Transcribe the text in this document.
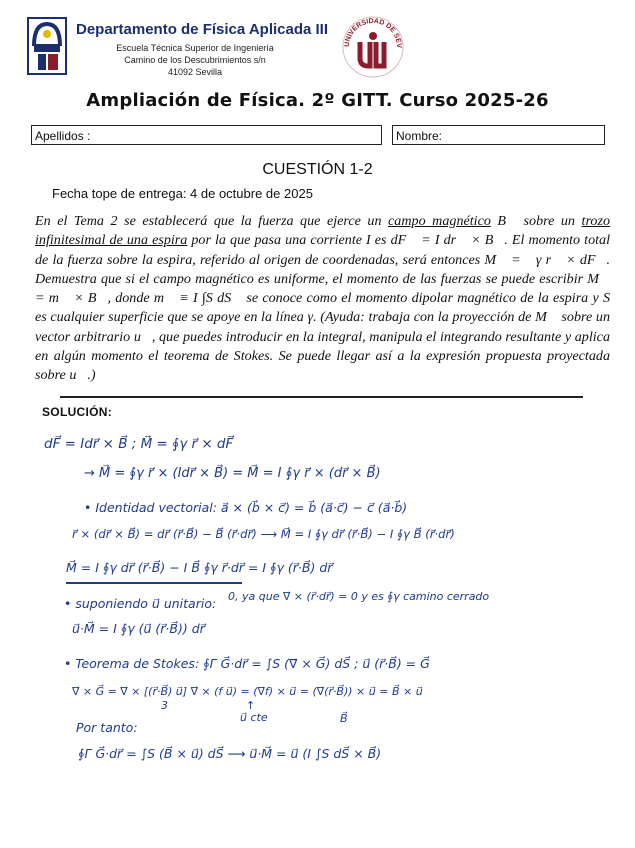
Departamento de Física Aplicada III
Escuela Técnica Superior de Ingeniería
Camino de los Descubrimientos s/n
41092 Sevilla
UNIVERSIDAD DE SEV
Ampliación de Física. 2º GITT. Curso 2025-26
Apellidos :	Nombre:
CUESTIÓN 1-2
Fecha tope de entrega: 4 de octubre de 2025
En el Tema 2 se establecerá que la fuerza que ejerce un campo magnético B⃗ sobre un trozo infinitesimal de una espira por la que pasa una corriente I es dF⃗ = I dr⃗ × B⃗. El momento total de la fuerza sobre la espira, referido al origen de coordenadas, será entonces M⃗ = ∮γ r⃗ × dF⃗. Demuestra que si el campo magnético es uniforme, el momento de las fuerzas se puede escribir M⃗ = m⃗ × B⃗, donde m⃗ ≡ I ∫S dS⃗ se conoce como el momento dipolar magnético de la espira y S es cualquier superficie que se apoye en la línea γ. (Ayuda: trabaja con la proyección de M⃗ sobre un vector arbitrario u⃗, que puedes introducir en la integral, manipula el integrando resultante y aplica en algún momento el teorema de Stokes. Se puede llegar así a la expresión propuesta proyectada sobre u⃗.)
SOLUCIÓN:
dF⃗ = Idr⃗ × B⃗ ; M⃗ = ∮γ r⃗ × dF⃗
→ M⃗ = ∮γ r⃗ × (Idr⃗ × B⃗) = M⃗ = I ∮γ r⃗ × (dr⃗ × B⃗)
• Identidad vectorial: a⃗ × (b⃗ × c⃗) = b⃗ (a⃗·c⃗) − c⃗ (a⃗·b⃗)
r⃗ × (dr⃗ × B⃗) = dr⃗ (r⃗·B⃗) − B⃗ (r⃗·dr⃗) ⟶ M⃗ = I ∮γ dr⃗ (r⃗·B⃗) − I ∮γ B⃗ (r⃗·dr⃗)
M⃗ = I ∮γ dr⃗ (r⃗·B⃗) − I B⃗ ∮γ r⃗·dr⃗ = I ∮γ (r⃗·B⃗) dr⃗
• suponiendo u⃗ unitario: 0, ya que ∇⃗ × (r⃗·dr⃗) = 0 y es ∮γ camino cerrado
u⃗·M⃗ = I ∮γ (u⃗ (r⃗·B⃗)) dr⃗
• Teorema de Stokes: ∮Γ G⃗·dr⃗ = ∫S (∇⃗ × G⃗) dS⃗ ; u⃗ (r⃗·B⃗) = G⃗
∇⃗ × G⃗ = ∇⃗ × [(r⃗·B⃗) u⃗] ∇⃗ × (f u⃗) = (∇⃗f) × u⃗ = (∇⃗(r⃗·B⃗)) × u⃗ = B⃗ × u⃗
3	↑
u⃗ cte	B⃗
Por tanto:
∮Γ G⃗·dr⃗ = ∫S (B⃗ × u⃗) dS⃗ ⟶ u⃗·M⃗ = u⃗ (I ∫S dS⃗ × B⃗)
